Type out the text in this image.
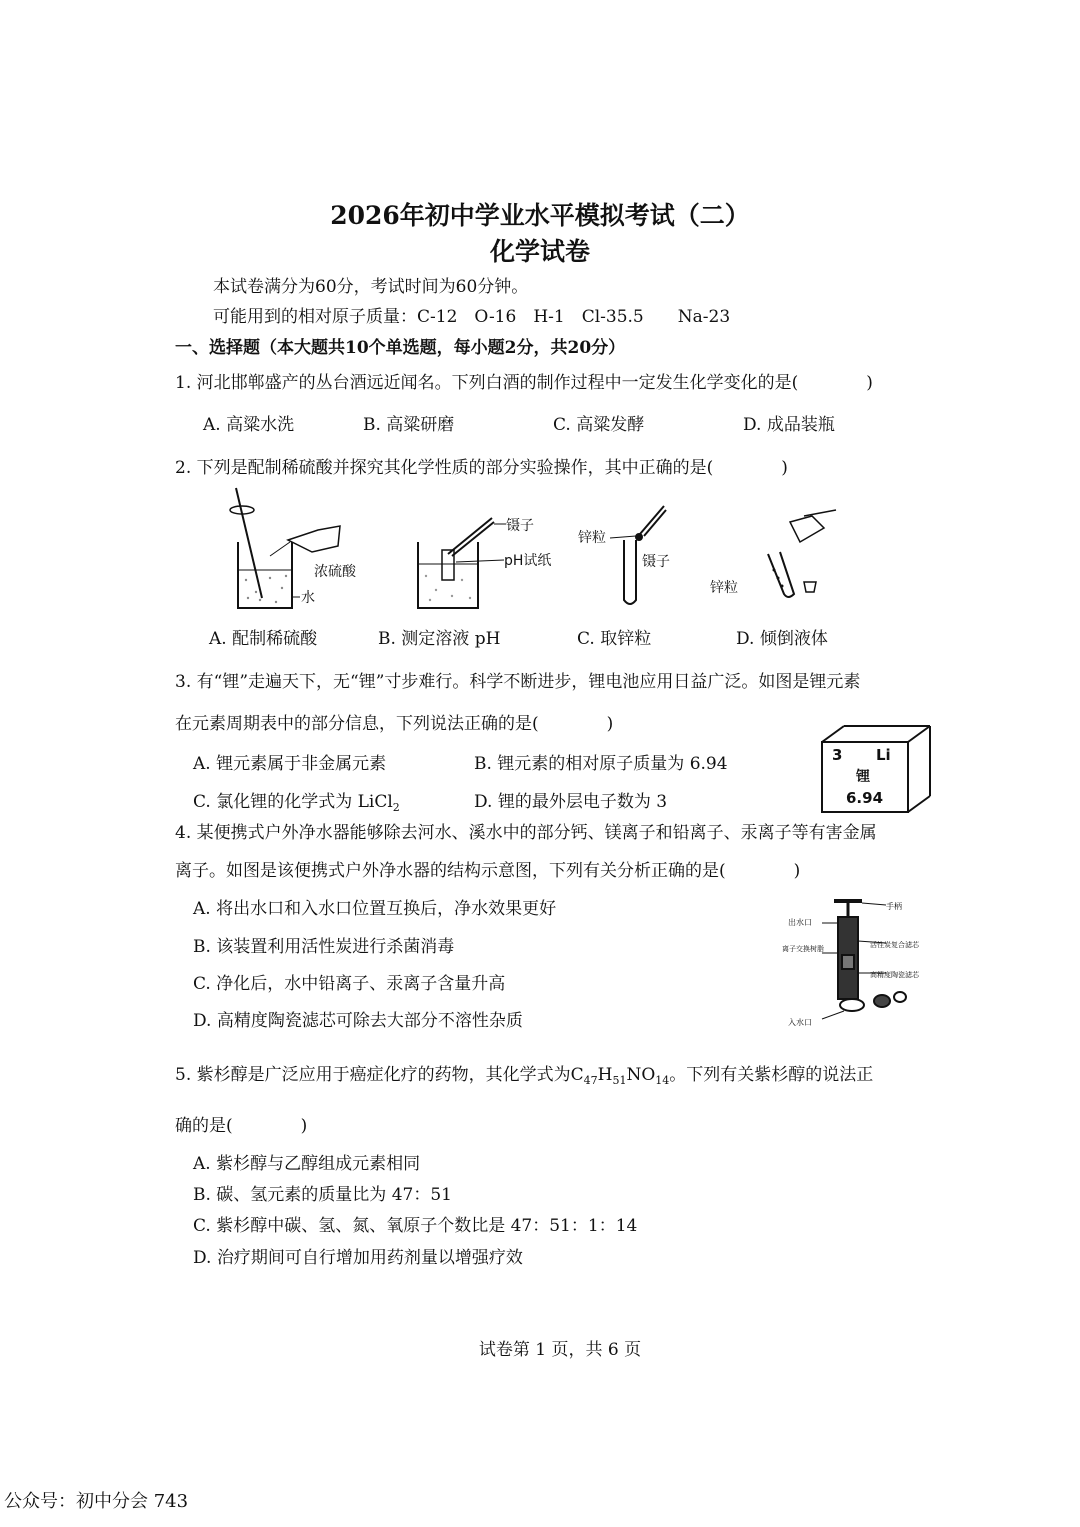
2026年初中学业水平模拟考试（二）
化学试卷
本试卷满分为60分，考试时间为60分钟。
可能用到的相对原子质量：C-12　O-16　H-1　Cl-35.5　　Na-23
一、选择题（本大题共10个单选题，每小题2分，共20分）
1. 河北邯郸盛产的丛台酒远近闻名。下列白酒的制作过程中一定发生化学变化的是(　　　　)
A. 高粱水洗	B. 高粱研磨	C. 高粱发酵	D. 成品装瓶
2. 下列是配制稀硫酸并探究其化学性质的部分实验操作，其中正确的是(　　　　)
浓硫酸
水
镊子
pH试纸
锌粒
镊子
锌粒
A. 配制稀硫酸	B. 测定溶液 pH	C. 取锌粒	D. 倾倒液体
3. 有“锂”走遍天下，无“锂”寸步难行。科学不断进步，锂电池应用日益广泛。如图是锂元素
在元素周期表中的部分信息，下列说法正确的是(　　　　)
A. 锂元素属于非金属元素	B. 锂元素的相对原子质量为 6.94
C. 氯化锂的化学式为 LiCl$_2$	D. 锂的最外层电子数为 3
3 Li
锂
6.94
4. 某便携式户外净水器能够除去河水、溪水中的部分钙、镁离子和铅离子、汞离子等有害金属
离子。如图是该便携式户外净水器的结构示意图，下列有关分析正确的是(　　　　)
A. 将出水口和入水口位置互换后，净水效果更好
B. 该装置利用活性炭进行杀菌消毒
C. 净化后，水中铅离子、汞离子含量升高
D. 高精度陶瓷滤芯可除去大部分不溶性杂质
手柄
出水口
离子交换树脂	活性炭复合滤芯
高精度陶瓷滤芯
入水口
5. 紫杉醇是广泛应用于癌症化疗的药物，其化学式为$C_{47}H_{51}NO_{14}$。下列有关紫杉醇的说法正
确的是(　　　　)
A. 紫杉醇与乙醇组成元素相同
B. 碳、氢元素的质量比为 47：51
C. 紫杉醇中碳、氢、氮、氧原子个数比是 47：51：1：14
D. 治疗期间可自行增加用药剂量以增强疗效
试卷第 1 页，共 6 页
公众号：初中分会 743
